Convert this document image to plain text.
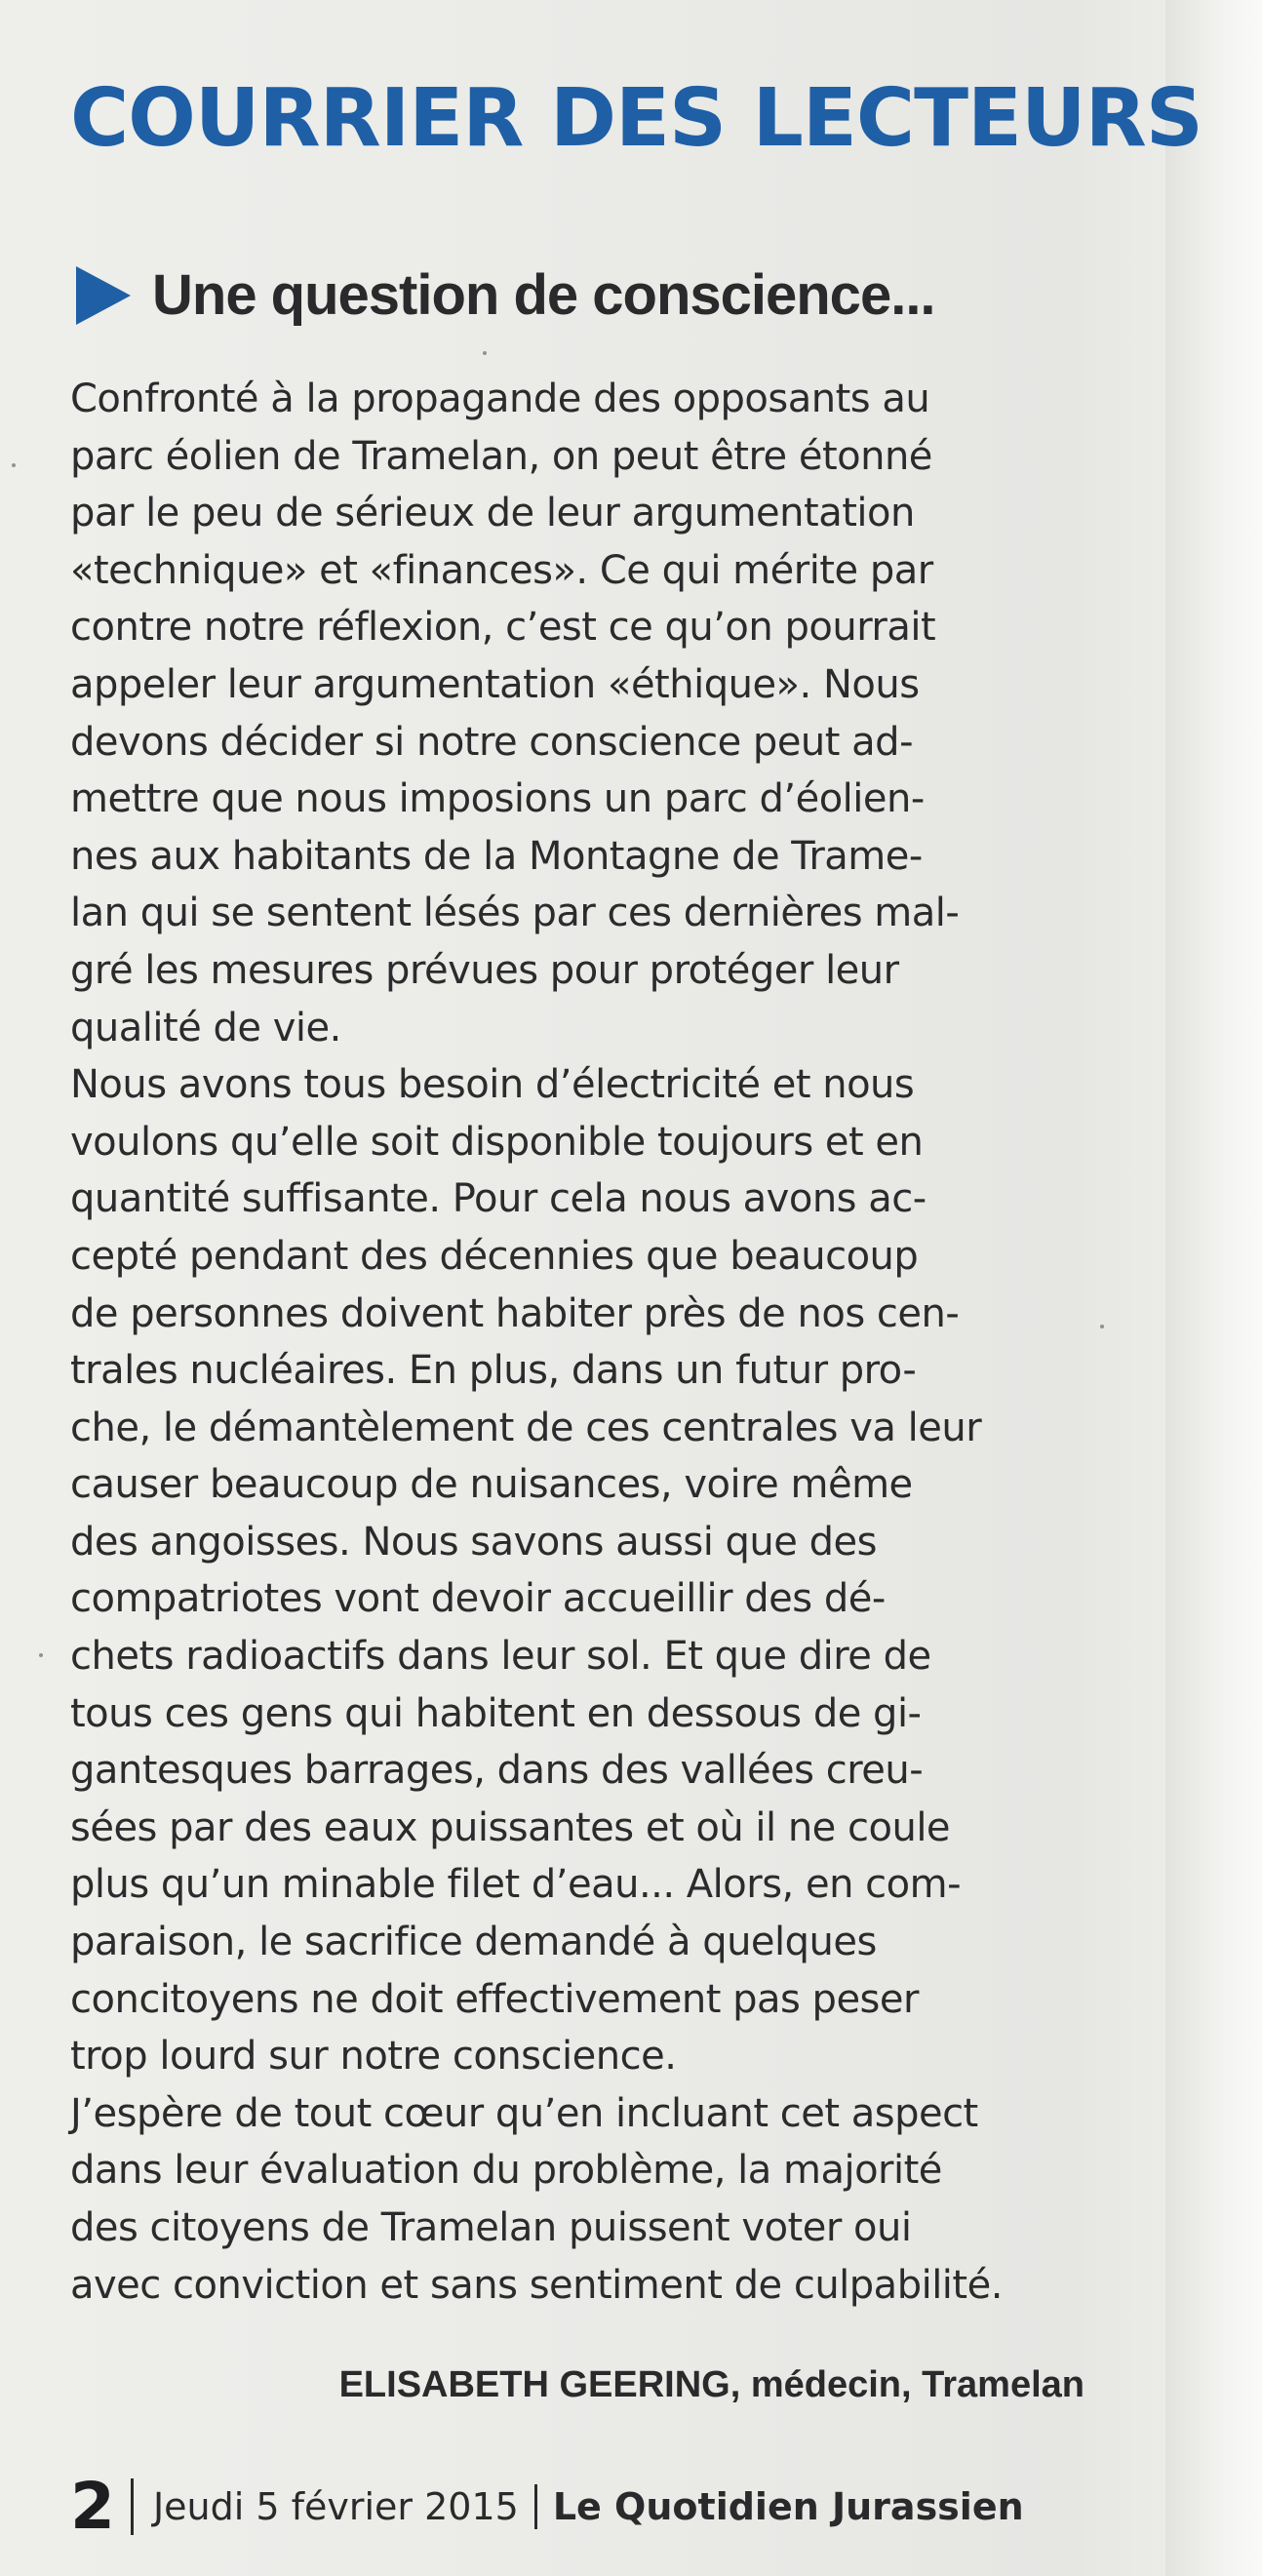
COURRIER DES LECTEURS
Une question de conscience...

Confronté à la propagande des opposants au
parc éolien de Tramelan, on peut être étonné
par le peu de sérieux de leur argumentation
«technique» et «finances». Ce qui mérite par
contre notre réflexion, c’est ce qu’on pourrait
appeler leur argumentation «éthique». Nous
devons décider si notre conscience peut ad-
mettre que nous imposions un parc d’éolien-
nes aux habitants de la Montagne de Trame-
lan qui se sentent lésés par ces dernières mal-
gré les mesures prévues pour protéger leur
qualité de vie.

Nous avons tous besoin d’électricité et nous
voulons qu’elle soit disponible toujours et en
quantité suffisante. Pour cela nous avons ac-
cepté pendant des décennies que beaucoup
de personnes doivent habiter près de nos cen-
trales nucléaires. En plus, dans un futur pro-
che, le démantèlement de ces centrales va leur
causer beaucoup de nuisances, voire même
des angoisses. Nous savons aussi que des
compatriotes vont devoir accueillir des dé-
chets radioactifs dans leur sol. Et que dire de
tous ces gens qui habitent en dessous de gi-
gantesques barrages, dans des vallées creu-
sées par des eaux puissantes et où il ne coule
plus qu’un minable filet d’eau... Alors, en com-
paraison, le sacrifice demandé à quelques
concitoyens ne doit effectivement pas peser
trop lourd sur notre conscience.

J’espère de tout cœur qu’en incluant cet aspect
dans leur évaluation du problème, la majorité
des citoyens de Tramelan puissent voter oui
avec conviction et sans sentiment de culpabilité.

ELISABETH GEERING, médecin, Tramelan

2 Jeudi 5 février 2015 Le Quotidien Jurassien
